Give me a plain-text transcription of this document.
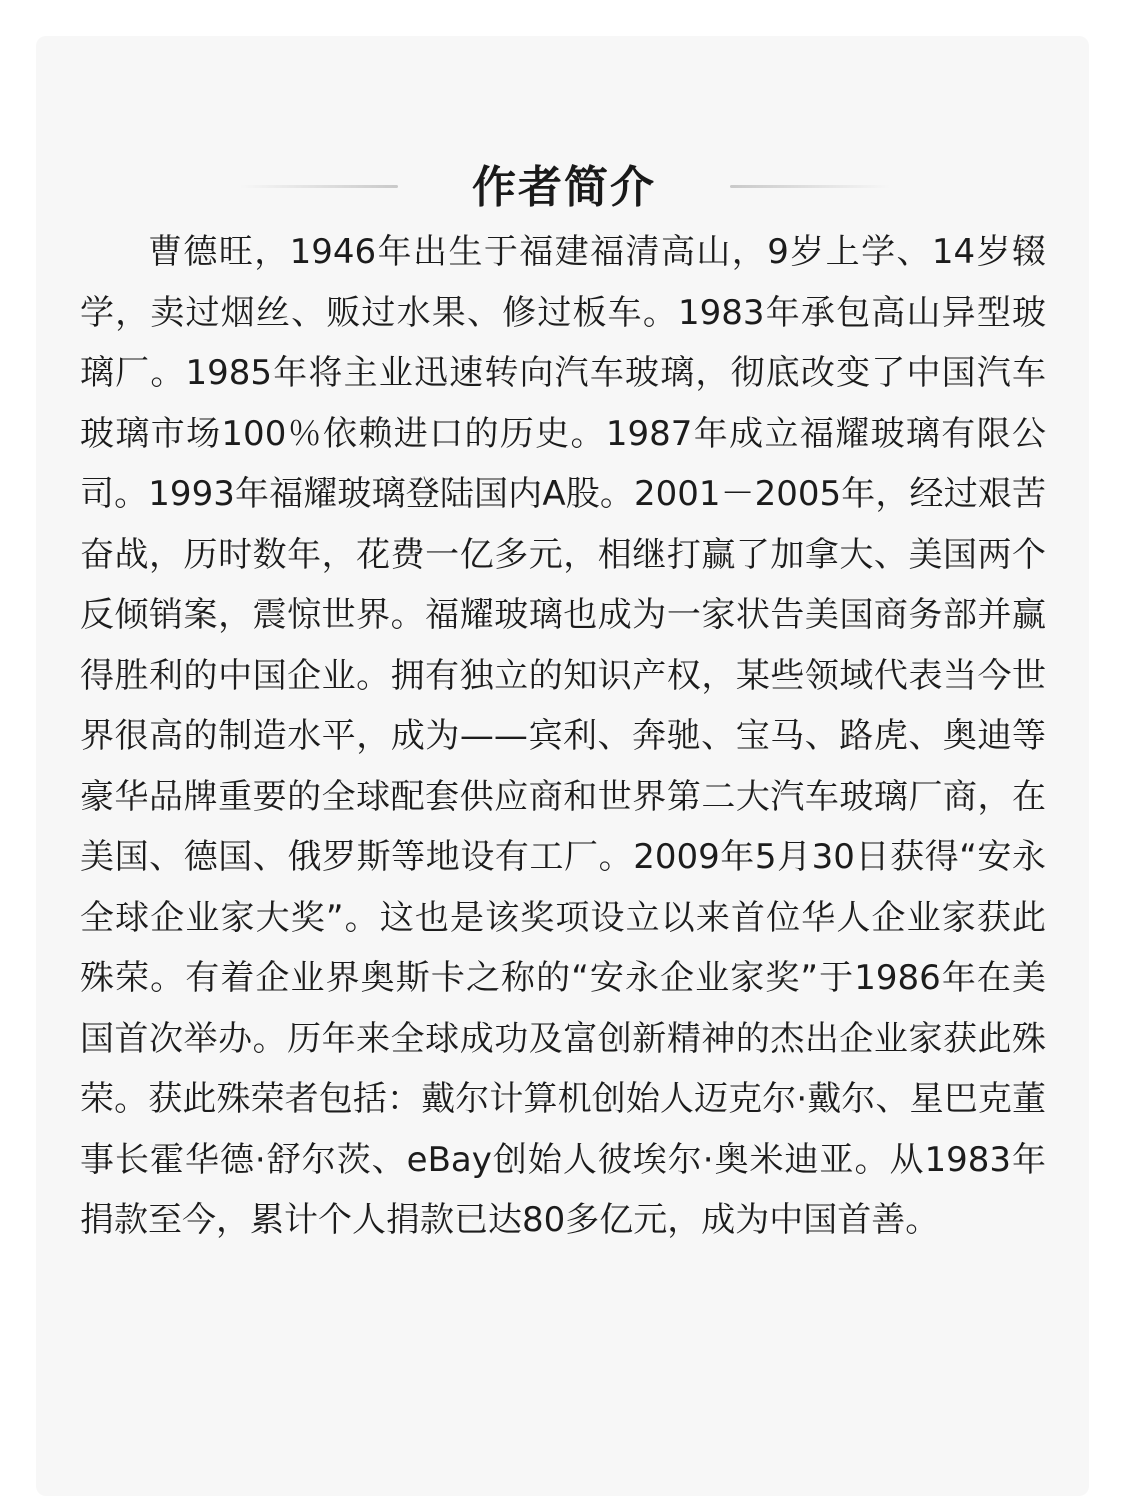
作者简介

曹德旺，1946年出生于福建福清高山，9岁上学、14岁辍学，卖过烟丝、贩过水果、修过板车。1983年承包高山异型玻璃厂。1985年将主业迅速转向汽车玻璃，彻底改变了中国汽车玻璃市场100％依赖进口的历史。1987年成立福耀玻璃有限公司。1993年福耀玻璃登陆国内A股。2001－2005年，经过艰苦奋战，历时数年，花费一亿多元，相继打赢了加拿大、美国两个反倾销案，震惊世界。福耀玻璃也成为一家状告美国商务部并赢得胜利的中国企业。拥有独立的知识产权，某些领域代表当今世界很高的制造水平，成为——宾利、奔驰、宝马、路虎、奥迪等豪华品牌重要的全球配套供应商和世界第二大汽车玻璃厂商，在美国、德国、俄罗斯等地设有工厂。2009年5月30日获得“安永全球企业家大奖”。这也是该奖项设立以来首位华人企业家获此殊荣。有着企业界奥斯卡之称的“安永企业家奖”于1986年在美国首次举办。历年来全球成功及富创新精神的杰出企业家获此殊荣。获此殊荣者包括：戴尔计算机创始人迈克尔·戴尔、星巴克董事长霍华德·舒尔茨、eBay创始人彼埃尔·奥米迪亚。从1983年捐款至今，累计个人捐款已达80多亿元，成为中国首善。
